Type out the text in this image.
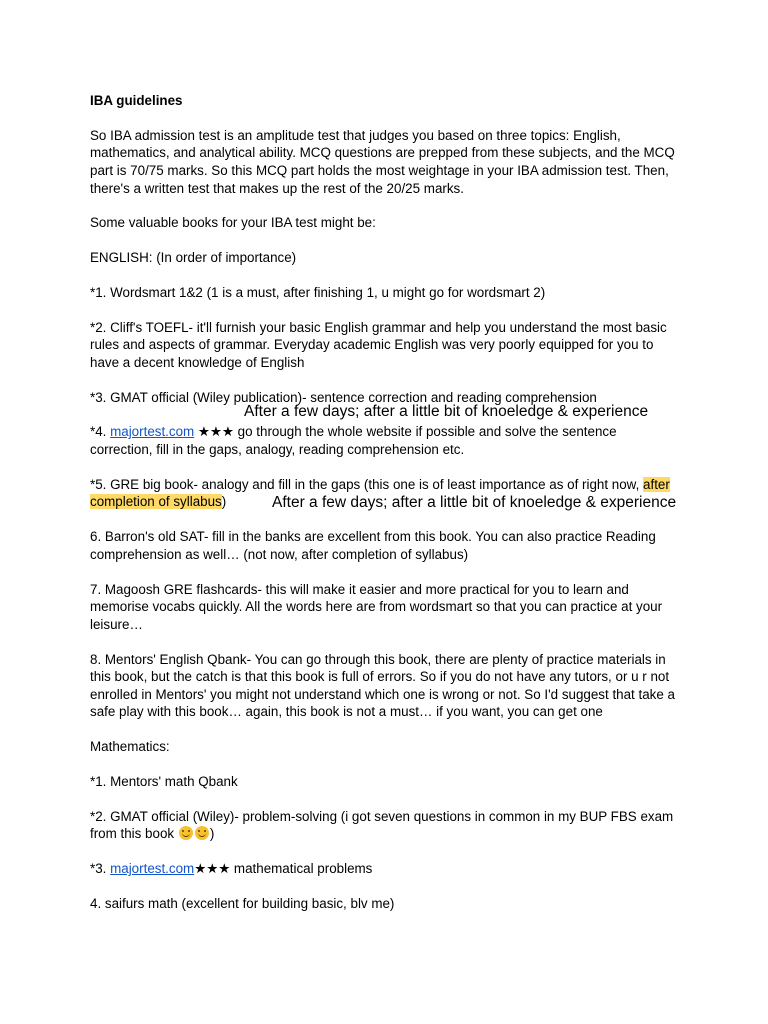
IBA guidelines

So IBA admission test is an amplitude test that judges you based on three topics: English, mathematics, and analytical ability. MCQ questions are prepped from these subjects, and the MCQ part is 70/75 marks. So this MCQ part holds the most weightage in your IBA admission test. Then, there's a written test that makes up the rest of the 20/25 marks.

Some valuable books for your IBA test might be:

ENGLISH: (In order of importance)

*1. Wordsmart 1&2 (1 is a must, after finishing 1, u might go for wordsmart 2)

*2. Cliff's TOEFL- it'll furnish your basic English grammar and help you understand the most basic rules and aspects of grammar. Everyday academic English was very poorly equipped for you to have a decent knowledge of English

*3. GMAT official (Wiley publication)- sentence correction and reading comprehension

*4. majortest.com ★★★ go through the whole website if possible and solve the sentence correction, fill in the gaps, analogy, reading comprehension etc.

*5. GRE big book- analogy and fill in the gaps (this one is of least importance as of right now, after completion of syllabus)

6. Barron's old SAT- fill in the banks are excellent from this book. You can also practice Reading comprehension as well… (not now, after completion of syllabus)

7. Magoosh GRE flashcards- this will make it easier and more practical for you to learn and memorise vocabs quickly. All the words here are from wordsmart so that you can practice at your leisure…

8. Mentors' English Qbank- You can go through this book, there are plenty of practice materials in this book, but the catch is that this book is full of errors. So if you do not have any tutors, or u r not enrolled in Mentors' you might not understand which one is wrong or not. So I'd suggest that take a safe play with this book… again, this book is not a must… if you want, you can get one

Mathematics:

*1. Mentors' math Qbank

*2. GMAT official (Wiley)- problem-solving (i got seven questions in common in my BUP FBS exam from this book )

*3. majortest.com★★★ mathematical problems

4. saifurs math (excellent for building basic, blv me)

After a few days; after a little bit of knoeledge & experience
After a few days; after a little bit of knoeledge & experience
